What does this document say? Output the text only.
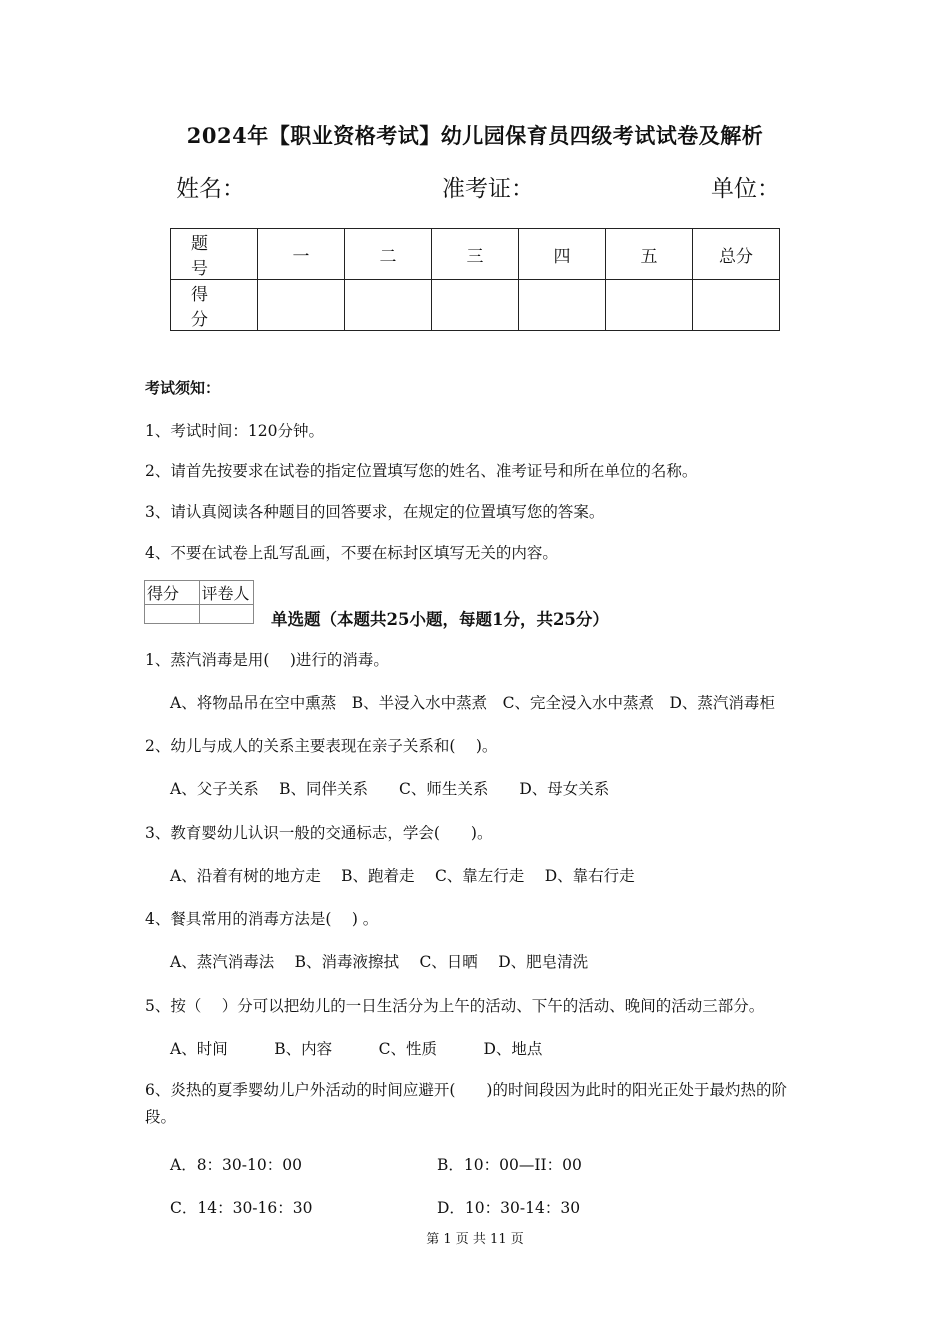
2024年【职业资格考试】幼儿园保育员四级考试试卷及解析
姓名：	准考证：	单位：
题　号	一	二	三	四	五	总分
得　分						
考试须知：
1、考试时间：120分钟。
2、请首先按要求在试卷的指定位置填写您的姓名、准考证号和所在单位的名称。
3、请认真阅读各种题目的回答要求，在规定的位置填写您的答案。
4、不要在试卷上乱写乱画，不要在标封区填写无关的内容。
得分	评卷人

单选题（本题共25小题，每题1分，共25分）
1、蒸汽消毒是用(　 )进行的消毒。
A、将物品吊在空中熏蒸　B、半浸入水中蒸煮　C、完全浸入水中蒸煮　D、蒸汽消毒柜
2、幼儿与成人的关系主要表现在亲子关系和(　 )。
A、父子关系　 B、同伴关系　　C、师生关系　　D、母女关系
3、教育婴幼儿认识一般的交通标志，学会(　　)。
A、沿着有树的地方走　 B、跑着走　 C、靠左行走　 D、靠右行走
4、餐具常用的消毒方法是(　 ) 。
A、蒸汽消毒法　 B、消毒液擦拭　 C、日晒　 D、肥皂清洗
5、按（　 ）分可以把幼儿的一日生活分为上午的活动、下午的活动、晚间的活动三部分。
A、时间　　　B、内容　　　C、性质　　　D、地点
6、炎热的夏季婴幼儿户外活动的时间应避开(　　)的时间段因为此时的阳光正处于最灼热的阶段。
A．8：30-10：00	B．10：00—II：00
C．14：30-16：30	D．10：30-14：30
第 1 页 共 11 页
